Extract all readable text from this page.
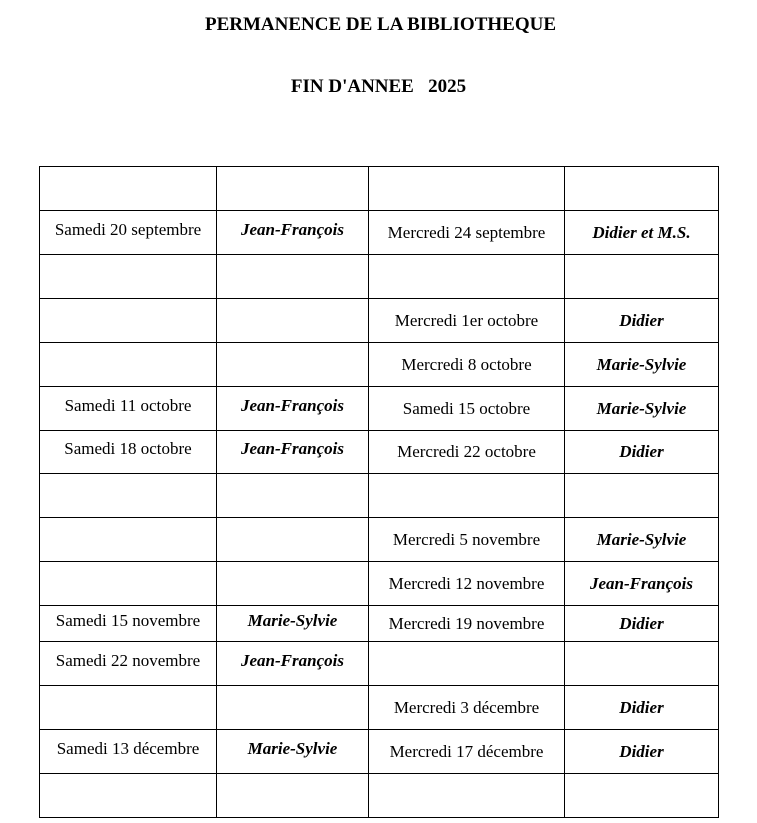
PERMANENCE DE LA BIBLIOTHEQUE
FIN D'ANNEE   2025

Samedi 20 septembre	Jean-François	Mercredi 24 septembre	Didier et M.S.

		Mercredi 1er octobre	Didier
		Mercredi 8 octobre	Marie-Sylvie
Samedi 11 octobre	Jean-François	Samedi 15 octobre	Marie-Sylvie
Samedi 18 octobre	Jean-François	Mercredi 22 octobre	Didier

		Mercredi 5 novembre	Marie-Sylvie
		Mercredi 12 novembre	Jean-François
Samedi 15 novembre	Marie-Sylvie	Mercredi 19 novembre	Didier
Samedi 22 novembre	Jean-François		
		Mercredi 3 décembre	Didier
Samedi 13 décembre	Marie-Sylvie	Mercredi 17 décembre	Didier
